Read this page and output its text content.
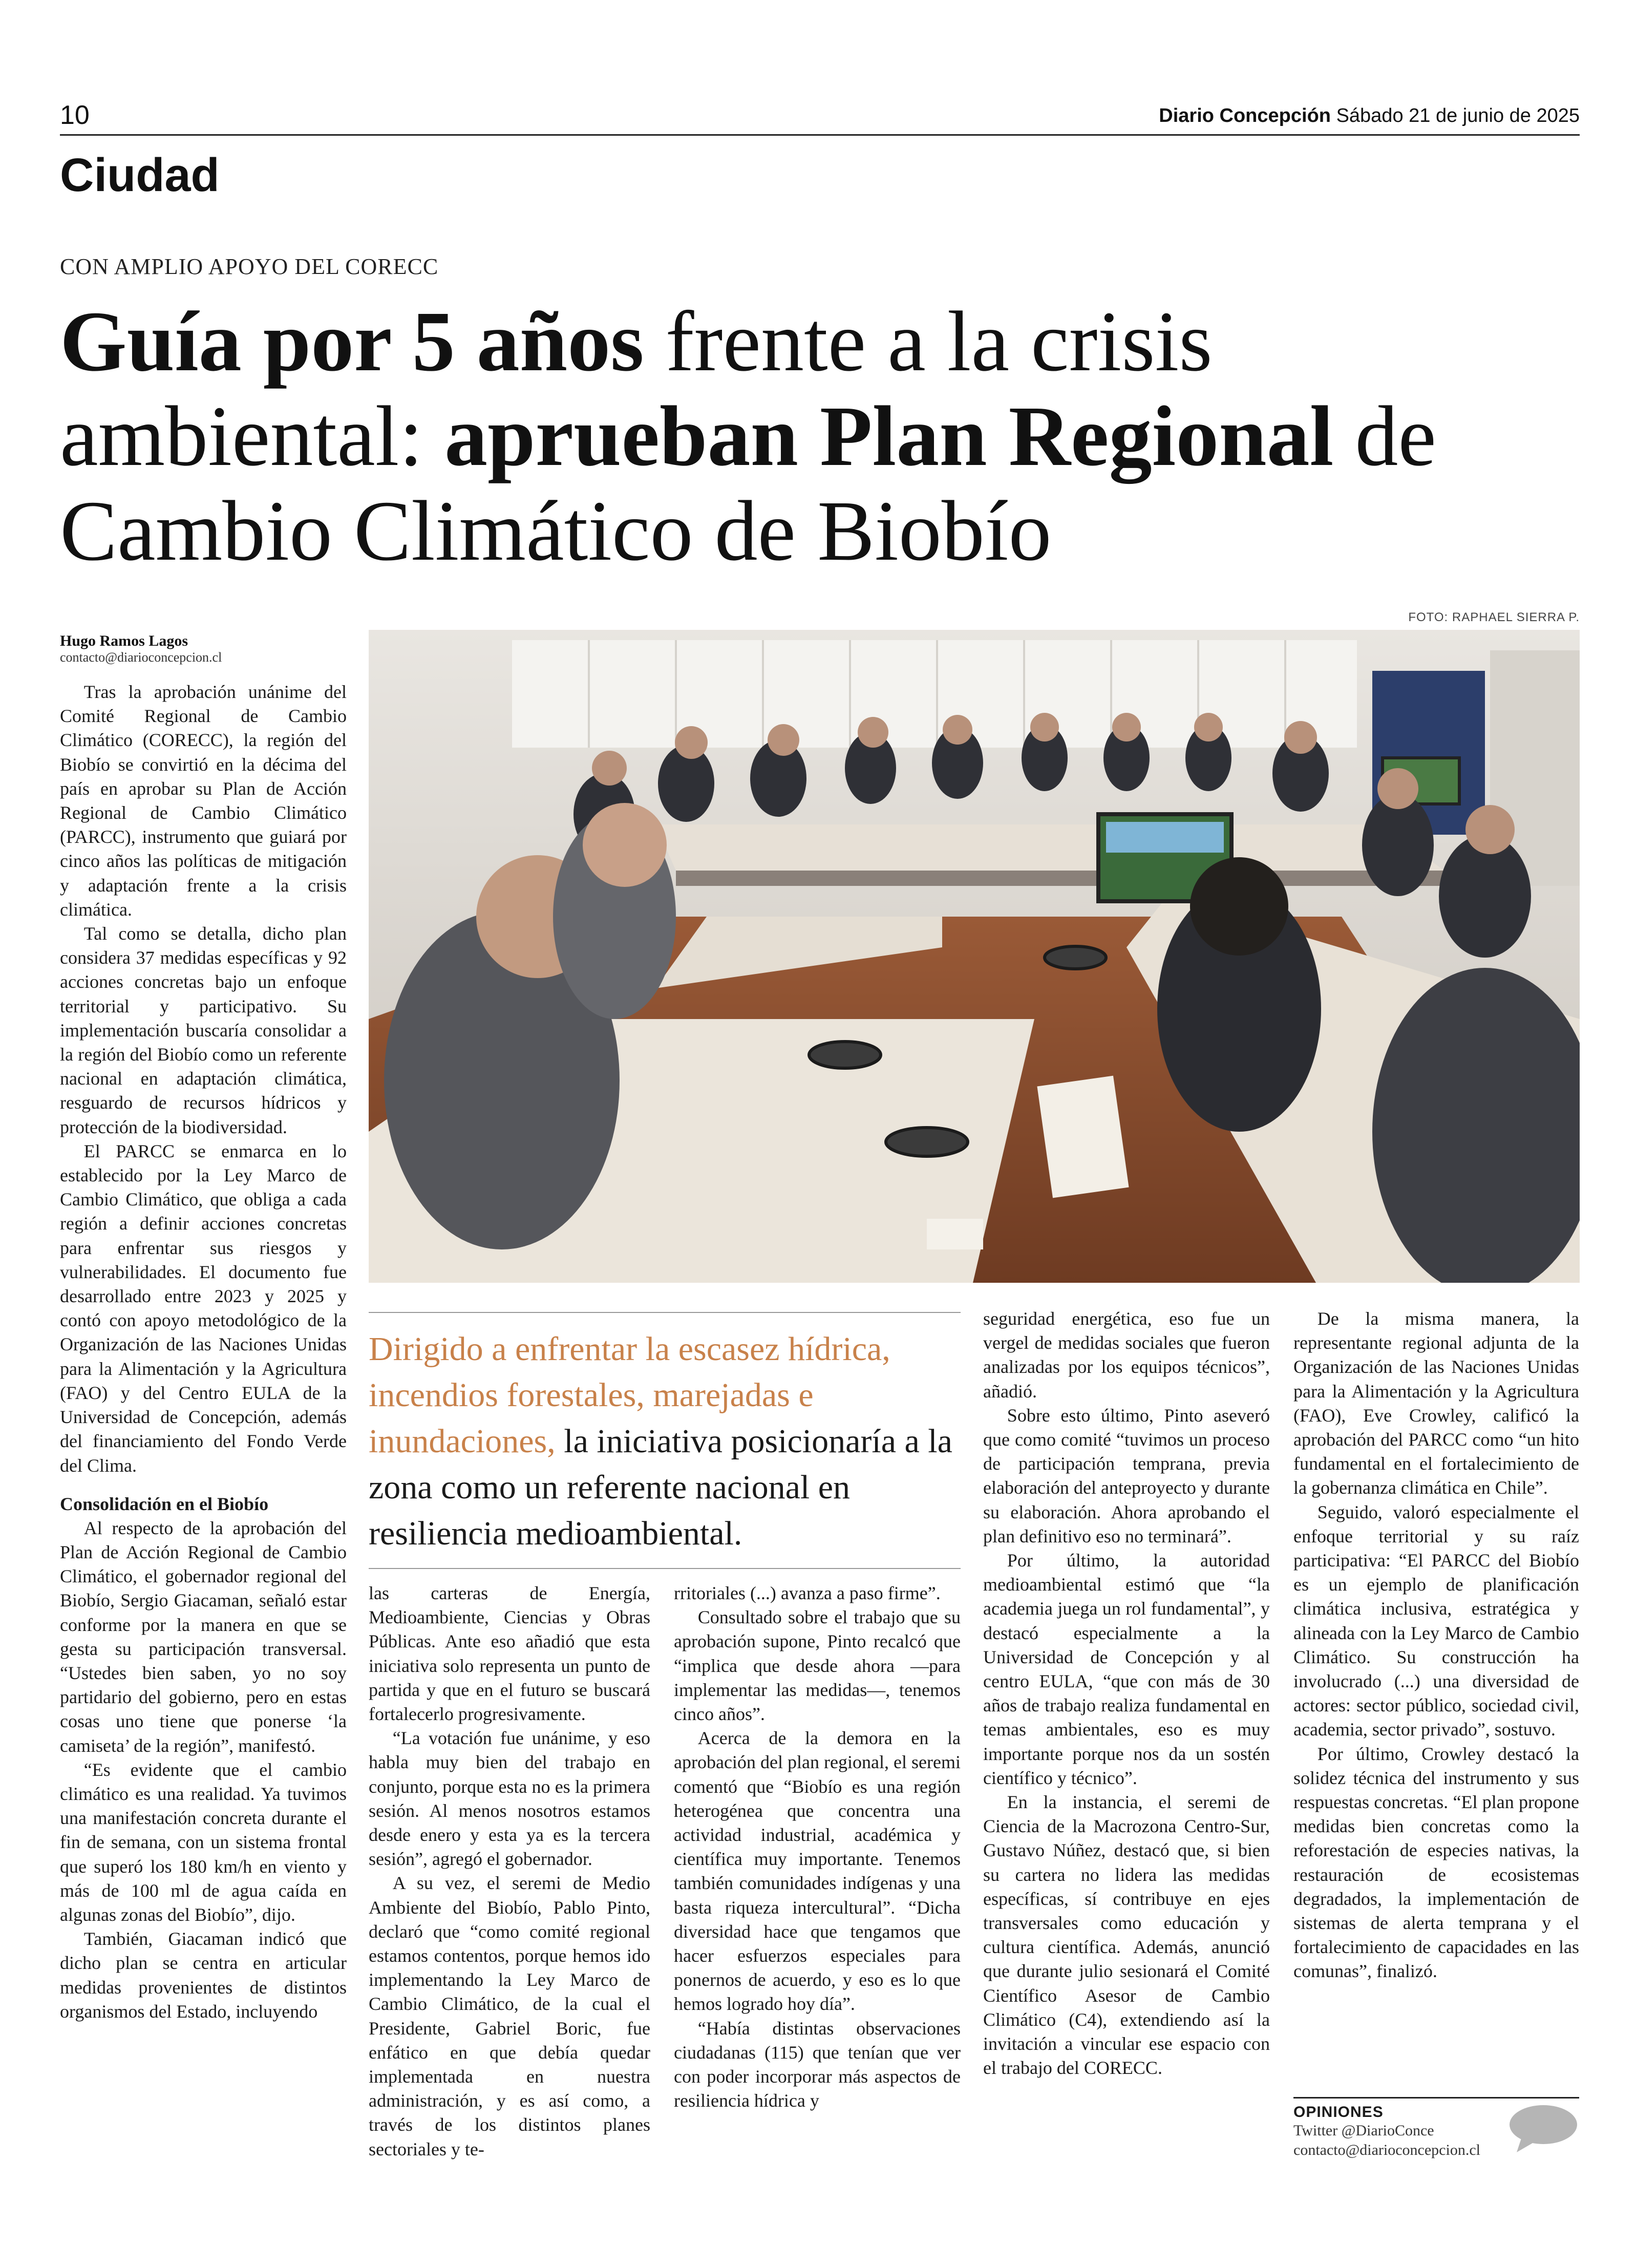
10	Diario Concepción Sábado 21 de junio de 2025
Ciudad
CON AMPLIO APOYO DEL CORECC
Guía por 5 años frente a la crisis ambiental: aprueban Plan Regional de Cambio Climático de Biobío
Hugo Ramos Lagos
contacto@diarioconcepcion.cl
FOTO: RAPHAEL SIERRA P.

Tras la aprobación unánime del Comité Regional de Cambio Climático (CORECC), la región del Biobío se convirtió en la décima del país en aprobar su Plan de Acción Regional de Cambio Climático (PARCC), instrumento que guiará por cinco años las políticas de mitigación y adaptación frente a la crisis climática.

Tal como se detalla, dicho plan considera 37 medidas específicas y 92 acciones concretas bajo un enfoque territorial y participativo. Su implementación buscaría consolidar a la región del Biobío como un referente nacional en adaptación climática, resguardo de recursos hídricos y protección de la biodiversidad.

El PARCC se enmarca en lo establecido por la Ley Marco de Cambio Climático, que obliga a cada región a definir acciones concretas para enfrentar sus riesgos y vulnerabilidades. El documento fue desarrollado entre 2023 y 2025 y contó con apoyo metodológico de la Organización de las Naciones Unidas para la Alimentación y la Agricultura (FAO) y del Centro EULA de la Universidad de Concepción, además del financiamiento del Fondo Verde del Clima.

Consolidación en el Biobío

Al respecto de la aprobación del Plan de Acción Regional de Cambio Climático, el gobernador regional del Biobío, Sergio Giacaman, señaló estar conforme por la manera en que se gesta su participación transversal. “Ustedes bien saben, yo no soy partidario del gobierno, pero en estas cosas uno tiene que ponerse ‘la camiseta’ de la región”, manifestó.

“Es evidente que el cambio climático es una realidad. Ya tuvimos una manifestación concreta durante el fin de semana, con un sistema frontal que superó los 180 km/h en viento y más de 100 ml de agua caída en algunas zonas del Biobío”, dijo.

También, Giacaman indicó que dicho plan se centra en articular medidas provenientes de distintos organismos del Estado, incluyendo

Dirigido a enfrentar la escasez hídrica, incendios forestales, marejadas e inundaciones, la iniciativa posicionaría a la zona como un referente nacional en resiliencia medioambiental.

las carteras de Energía, Medioambiente, Ciencias y Obras Públicas. Ante eso añadió que esta iniciativa solo representa un punto de partida y que en el futuro se buscará fortalecerlo progresivamente.

“La votación fue unánime, y eso habla muy bien del trabajo en conjunto, porque esta no es la primera sesión. Al menos nosotros estamos desde enero y esta ya es la tercera sesión”, agregó el gobernador.

A su vez, el seremi de Medio Ambiente del Biobío, Pablo Pinto, declaró que “como comité regional estamos contentos, porque hemos ido implementando la Ley Marco de Cambio Climático, de la cual el Presidente, Gabriel Boric, fue enfático en que debía quedar implementada en nuestra administración, y es así como, a través de los distintos planes sectoriales y te-

rritoriales (...) avanza a paso firme”.

Consultado sobre el trabajo que su aprobación supone, Pinto recalcó que “implica que desde ahora —para implementar las medidas—, tenemos cinco años”.

Acerca de la demora en la aprobación del plan regional, el seremi comentó que “Biobío es una región heterogénea que concentra una actividad industrial, académica y científica muy importante. Tenemos también comunidades indígenas y una basta riqueza intercultural”. “Dicha diversidad hace que tengamos que hacer esfuerzos especiales para ponernos de acuerdo, y eso es lo que hemos logrado hoy día”.

“Había distintas observaciones ciudadanas (115) que tenían que ver con poder incorporar más aspectos de resiliencia hídrica y

seguridad energética, eso fue un vergel de medidas sociales que fueron analizadas por los equipos técnicos”, añadió.

Sobre esto último, Pinto aseveró que como comité “tuvimos un proceso de participación temprana, previa elaboración del anteproyecto y durante su elaboración. Ahora aprobando el plan definitivo eso no terminará”.

Por último, la autoridad medioambiental estimó que “la academia juega un rol fundamental”, y destacó especialmente a la Universidad de Concepción y al centro EULA, “que con más de 30 años de trabajo realiza fundamental en temas ambientales, eso es muy importante porque nos da un sostén científico y técnico”.

En la instancia, el seremi de Ciencia de la Macrozona Centro-Sur, Gustavo Núñez, destacó que, si bien su cartera no lidera las medidas específicas, sí contribuye en ejes transversales como educación y cultura científica. Además, anunció que durante julio sesionará el Comité Científico Asesor de Cambio Climático (C4), extendiendo así la invitación a vincular ese espacio con el trabajo del CORECC.

De la misma manera, la representante regional adjunta de la Organización de las Naciones Unidas para la Alimentación y la Agricultura (FAO), Eve Crowley, calificó la aprobación del PARCC como “un hito fundamental en el fortalecimiento de la gobernanza climática en Chile”.

Seguido, valoró especialmente el enfoque territorial y su raíz participativa: “El PARCC del Biobío es un ejemplo de planificación climática inclusiva, estratégica y alineada con la Ley Marco de Cambio Climático. Su construcción ha involucrado (...) una diversidad de actores: sector público, sociedad civil, academia, sector privado”, sostuvo.

Por último, Crowley destacó la solidez técnica del instrumento y sus respuestas concretas. “El plan propone medidas bien concretas como la reforestación de especies nativas, la restauración de ecosistemas degradados, la implementación de sistemas de alerta temprana y el fortalecimiento de capacidades en las comunas”, finalizó.

OPINIONES
Twitter @DiarioConce
contacto@diarioconcepcion.cl
